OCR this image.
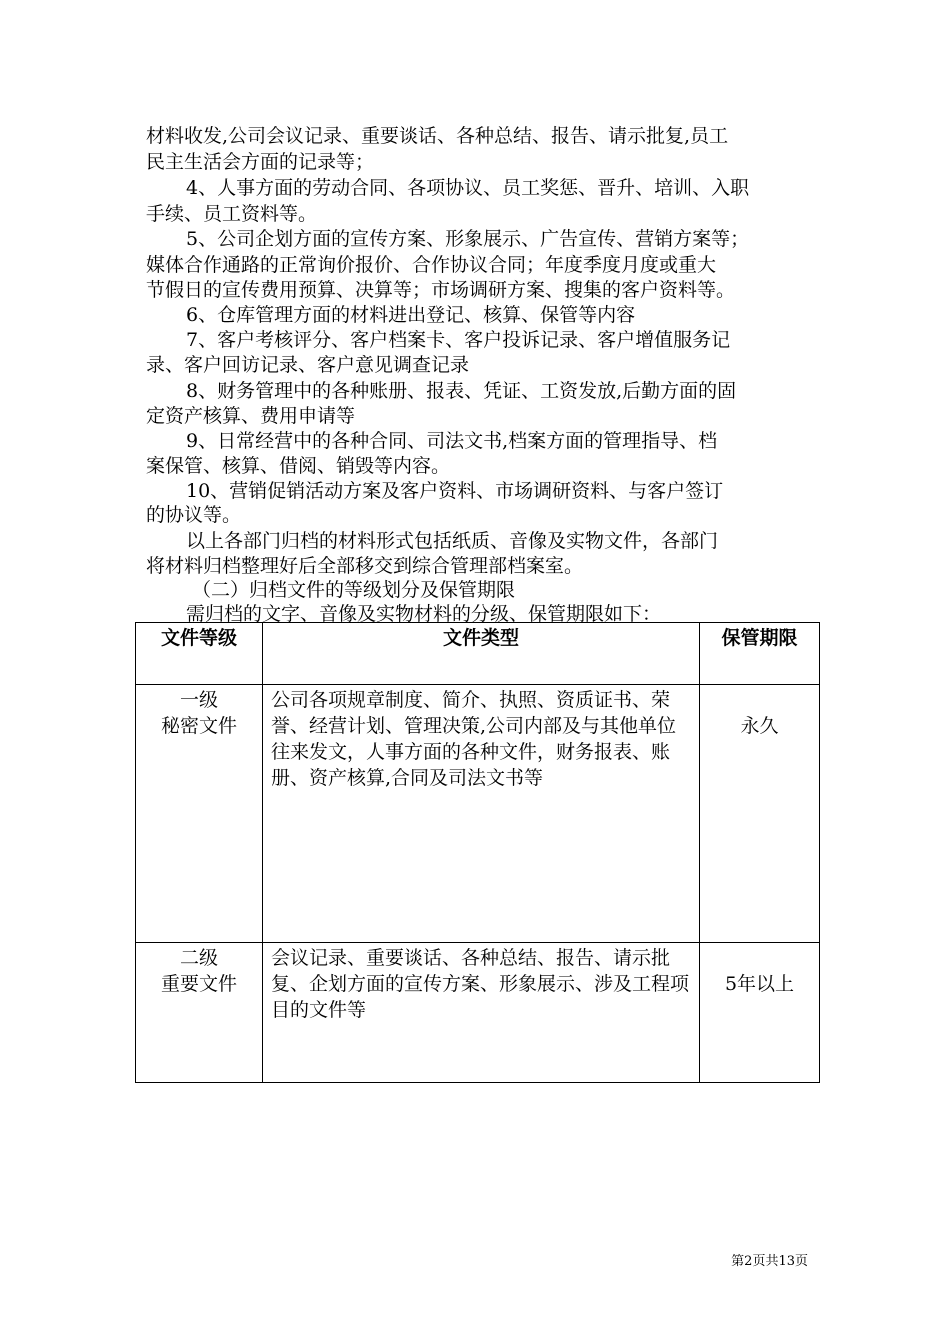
材料收发,公司会议记录、重要谈话、各种总结、报告、请示批复,员工
民主生活会方面的记录等；
4、人事方面的劳动合同、各项协议、员工奖惩、晋升、培训、入职
手续、员工资料等。
5、公司企划方面的宣传方案、形象展示、广告宣传、营销方案等；
媒体合作通路的正常询价报价、合作协议合同；年度季度月度或重大
节假日的宣传费用预算、决算等；市场调研方案、搜集的客户资料等。
6、仓库管理方面的材料进出登记、核算、保管等内容
7、客户考核评分、客户档案卡、客户投诉记录、客户增值服务记
录、客户回访记录、客户意见调查记录
8、财务管理中的各种账册、报表、凭证、工资发放,后勤方面的固
定资产核算、费用申请等
9、日常经营中的各种合同、司法文书,档案方面的管理指导、档
案保管、核算、借阅、销毁等内容。
10、营销促销活动方案及客户资料、市场调研资料、与客户签订
的协议等。
以上各部门归档的材料形式包括纸质、音像及实物文件，各部门
将材料归档整理好后全部移交到综合管理部档案室。
（二）归档文件的等级划分及保管期限
需归档的文字、音像及实物材料的分级、保管期限如下：
文件等级	文件类型	保管期限

一级
秘密文件	公司各项规章制度、简介、执照、资质证书、荣誉、经营计划、管理决策,公司内部及与其他单位往来发文，人事方面的各种文件，财务报表、账册、资产核算,合同及司法文书等	永久

二级
重要文件	会议记录、重要谈话、各种总结、报告、请示批复、企划方面的宣传方案、形象展示、涉及工程项目的文件等	5年以上
第2页共13页
